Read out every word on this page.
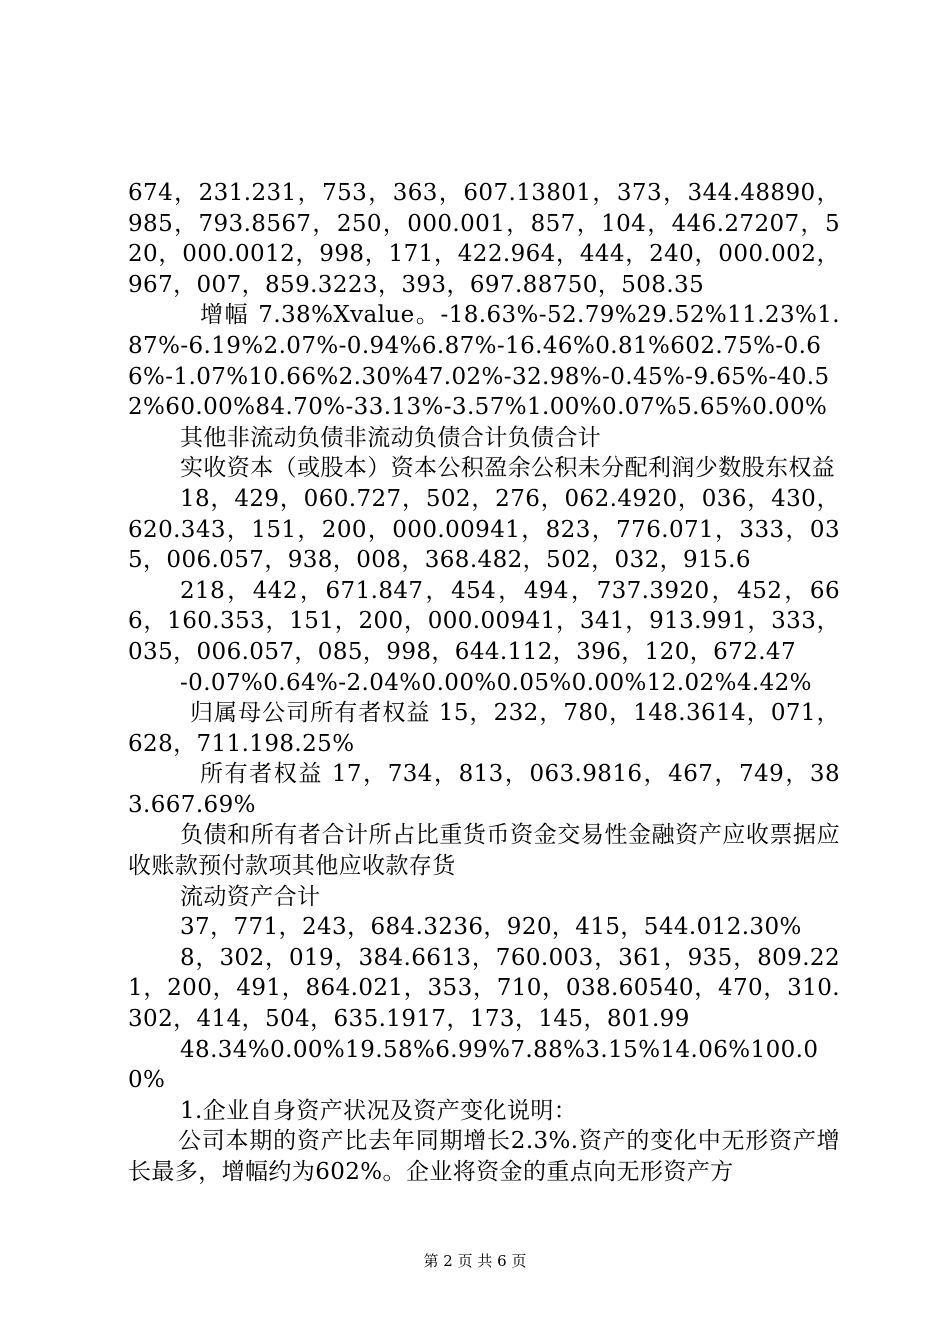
674，231.231，753，363，607.13801，373，344.48890，985，793.8567，250，000.001，857，104，446.27207，520，000.0012，998，171，422.964，444，240，000.002，967，007，859.3223，393，697.88750，508.35

增幅 7.38%Xvalue。-18.63%-52.79%29.52%11.23%1.87%-6.19%2.07%-0.94%6.87%-16.46%0.81%602.75%-0.66%-1.07%10.66%2.30%47.02%-32.98%-0.45%-9.65%-40.52%60.00%84.70%-33.13%-3.57%1.00%0.07%5.65%0.00%

其他非流动负债非流动负债合计负债合计

实收资本（或股本）资本公积盈余公积未分配利润少数股东权益

18，429，060.727，502，276，062.4920，036，430，620.343，151，200，000.00941，823，776.071，333，035，006.057，938，008，368.482，502，032，915.6

218，442，671.847，454，494，737.3920，452，666，160.353，151，200，000.00941，341，913.991，333，035，006.057，085，998，644.112，396，120，672.47

-0.07%0.64%-2.04%0.00%0.05%0.00%12.02%4.42%

归属母公司所有者权益 15，232，780，148.3614，071，628，711.198.25%

所有者权益 17，734，813，063.9816，467，749，383.667.69%

负债和所有者合计所占比重货币资金交易性金融资产应收票据应收账款预付款项其他应收款存货

流动资产合计

37，771，243，684.3236，920，415，544.012.30%

8，302，019，384.6613，760.003，361，935，809.221，200，491，864.021，353，710，038.60540，470，310.302，414，504，635.1917，173，145，801.99

48.34%0.00%19.58%6.99%7.88%3.15%14.06%100.00%

1.企业自身资产状况及资产变化说明：

公司本期的资产比去年同期增长2.3%.资产的变化中无形资产增长最多，增幅约为602%。企业将资金的重点向无形资产方

第 2 页 共 6 页
